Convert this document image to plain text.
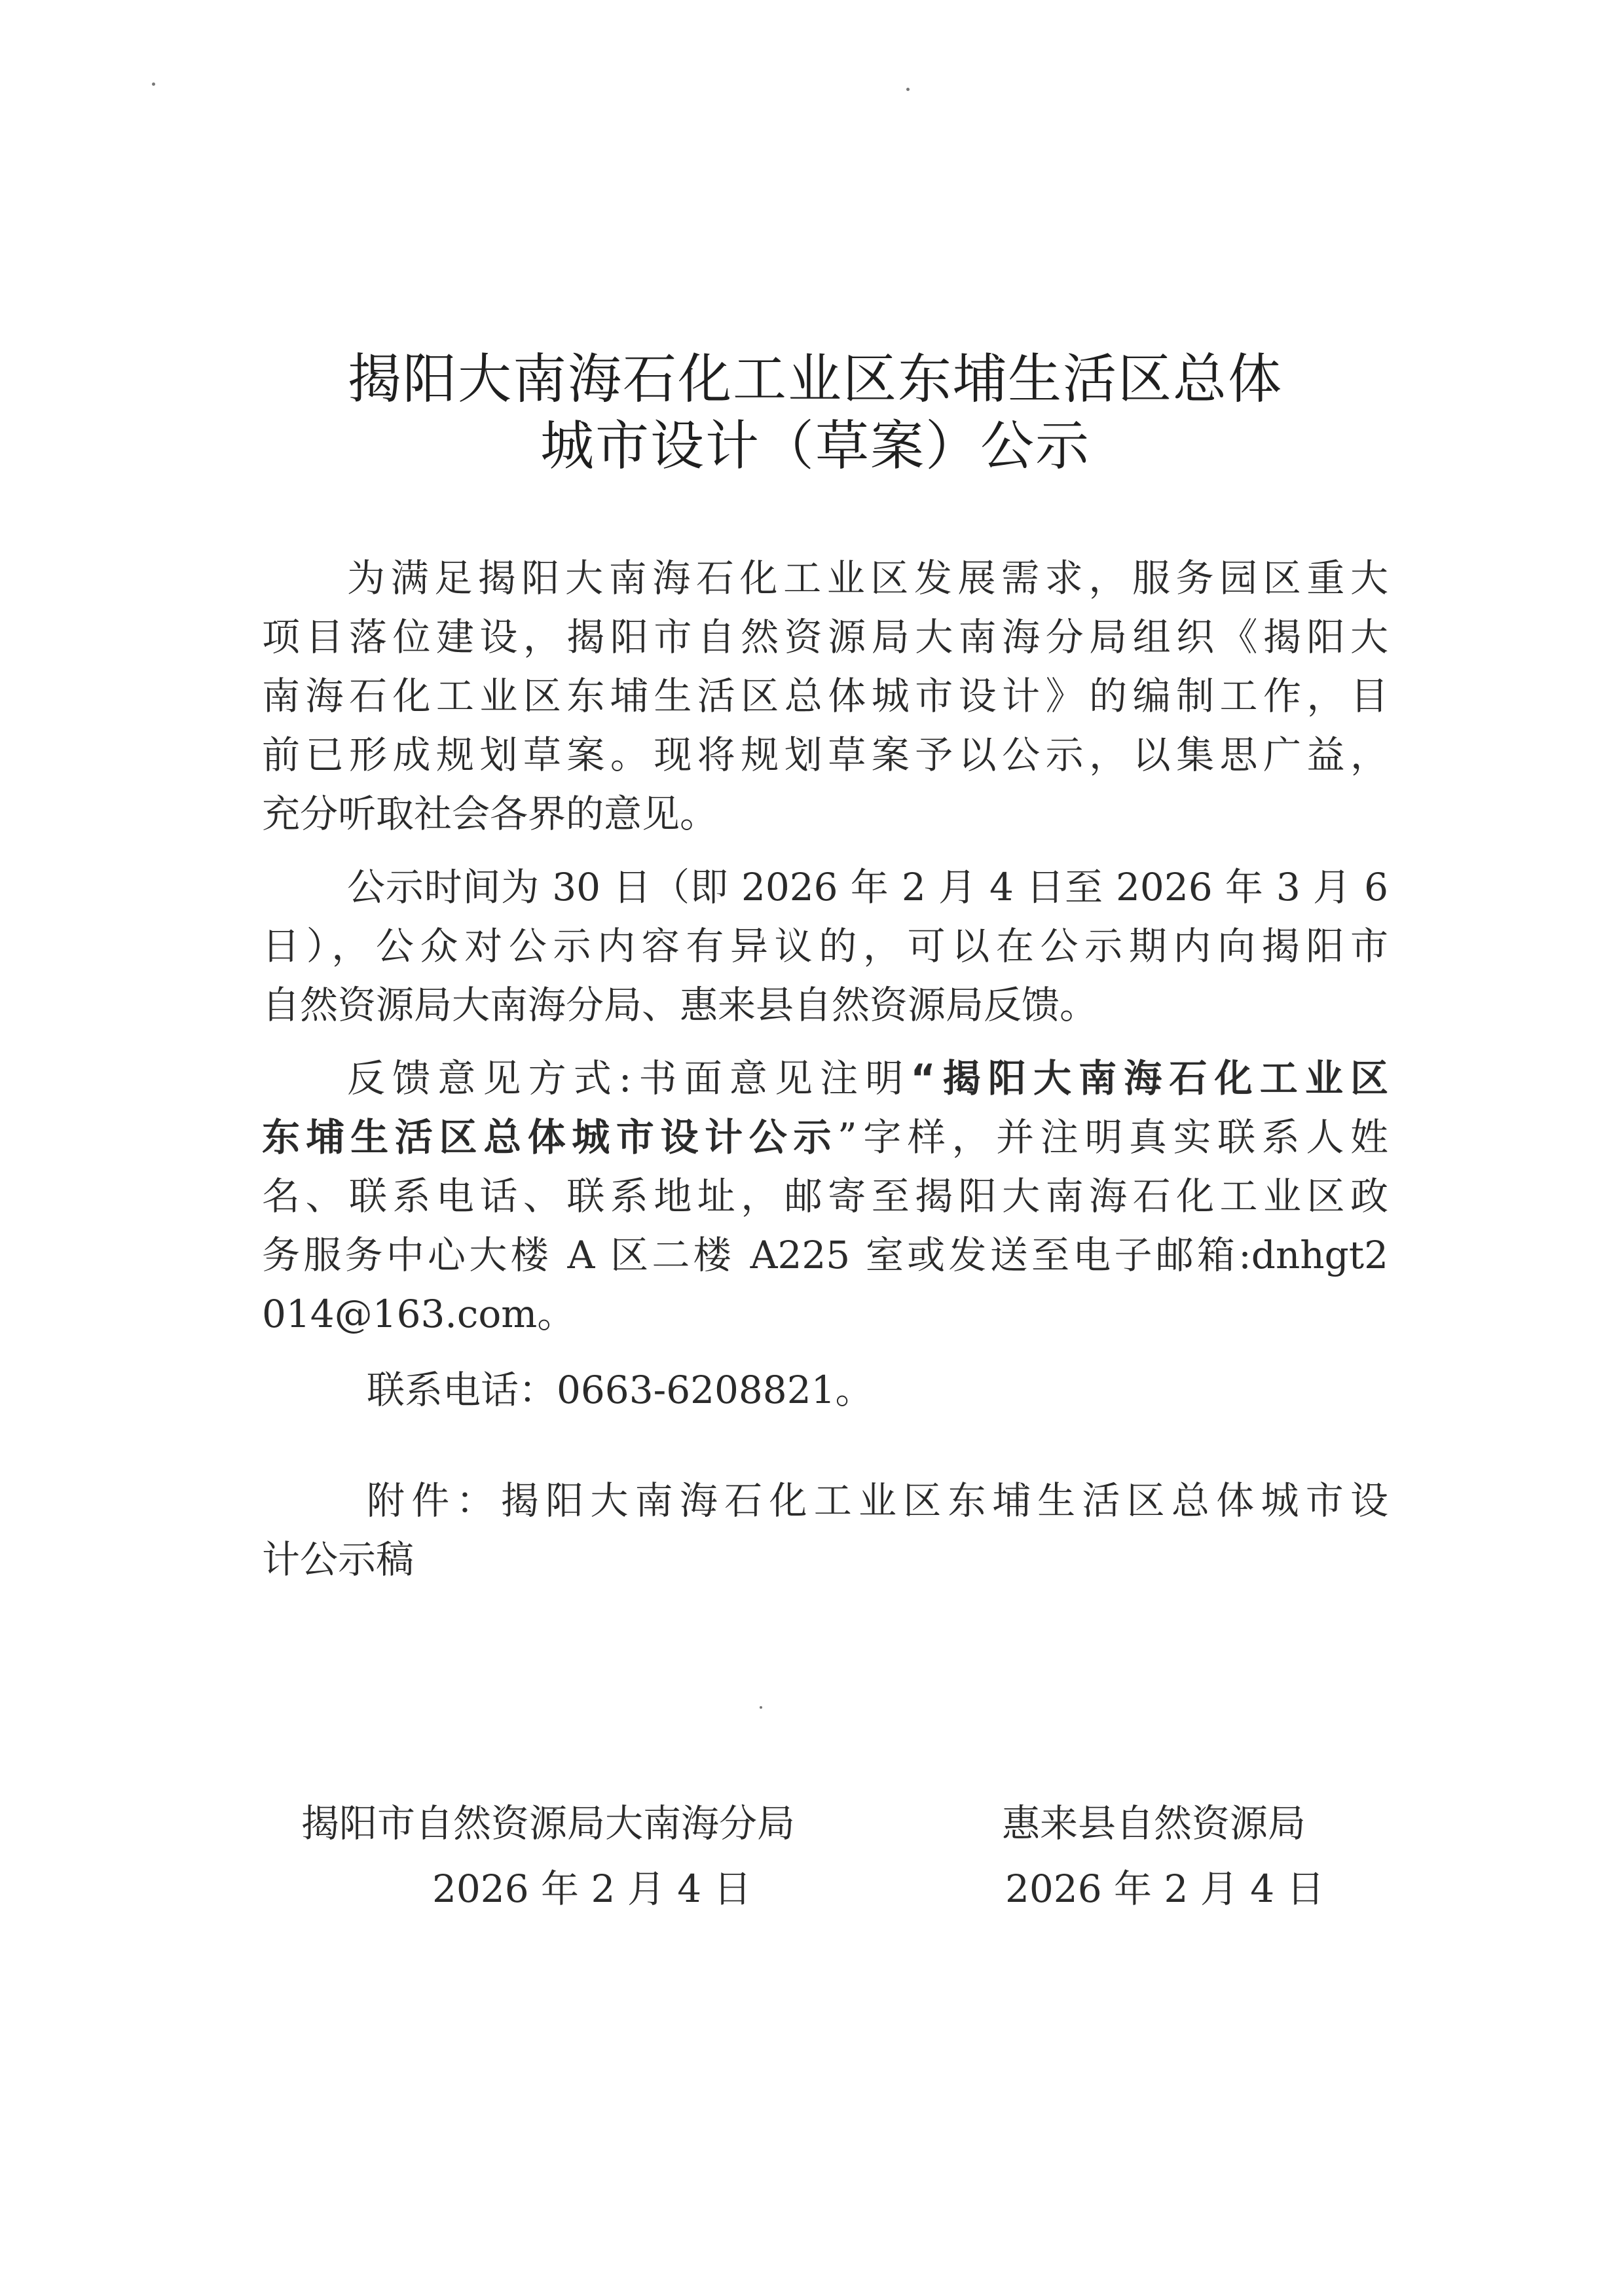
揭阳大南海石化工业区东埔生活区总体
城市设计（草案）公示
为满足揭阳大南海石化工业区发展需求，服务园区重大
项目落位建设，揭阳市自然资源局大南海分局组织《揭阳大
南海石化工业区东埔生活区总体城市设计》的编制工作，目
前已形成规划草案。现将规划草案予以公示，以集思广益，
充分听取社会各界的意见。
公示时间为 30 日（即 2026 年 2 月 4 日至 2026 年 3 月 6
日），公众对公示内容有异议的，可以在公示期内向揭阳市
自然资源局大南海分局、惠来县自然资源局反馈。
反馈意见方式:书面意见注明“揭阳大南海石化工业区
东埔生活区总体城市设计公示”字样，并注明真实联系人姓
名、联系电话、联系地址，邮寄至揭阳大南海石化工业区政
务服务中心大楼 A 区二楼 A225 室或发送至电子邮箱:dnhgt2
014@163.com。
联系电话：0663-6208821。
附件：揭阳大南海石化工业区东埔生活区总体城市设
计公示稿
揭阳市自然资源局大南海分局
2026 年 2 月 4 日
惠来县自然资源局
2026 年 2 月 4 日
